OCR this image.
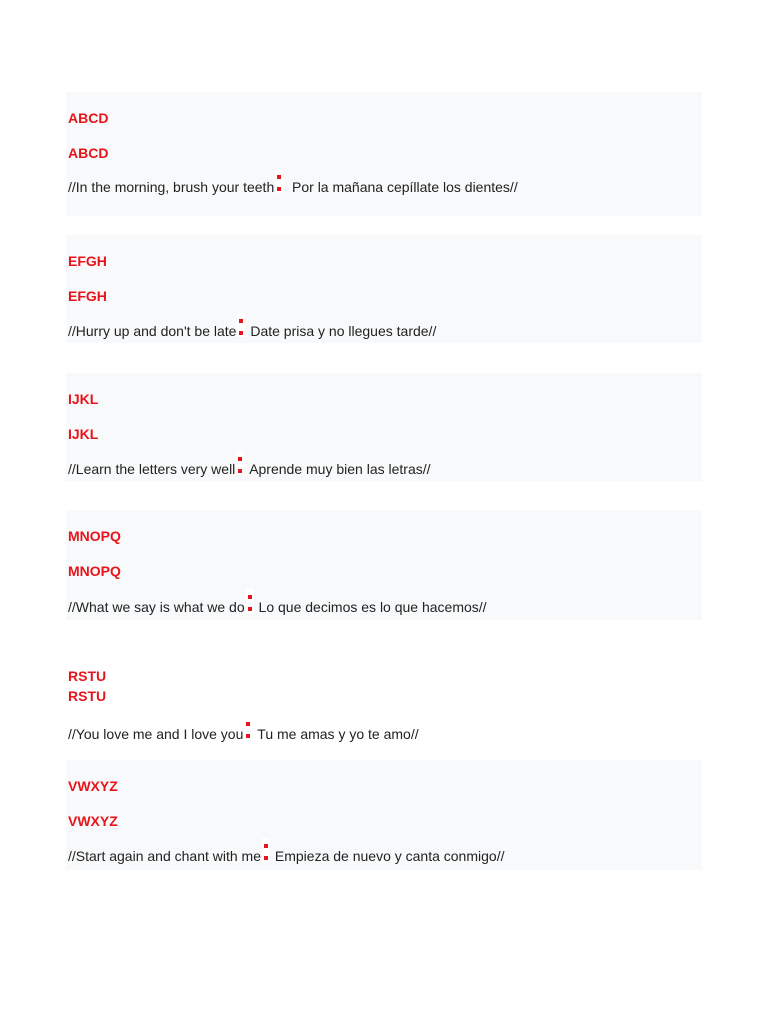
ABCD
ABCD
//In the morning, brush your teeth Por la mañana cepíllate los dientes//
EFGH
EFGH
//Hurry up and don't be late Date prisa y no llegues tarde//
IJKL
IJKL
//Learn the letters very well Aprende muy bien las letras//
MNOPQ
MNOPQ
//What we say is what we do Lo que decimos es lo que hacemos//
RSTU
RSTU
//You love me and I love you Tu me amas y yo te amo//
VWXYZ
VWXYZ
//Start again and chant with me Empieza de nuevo y canta conmigo//
